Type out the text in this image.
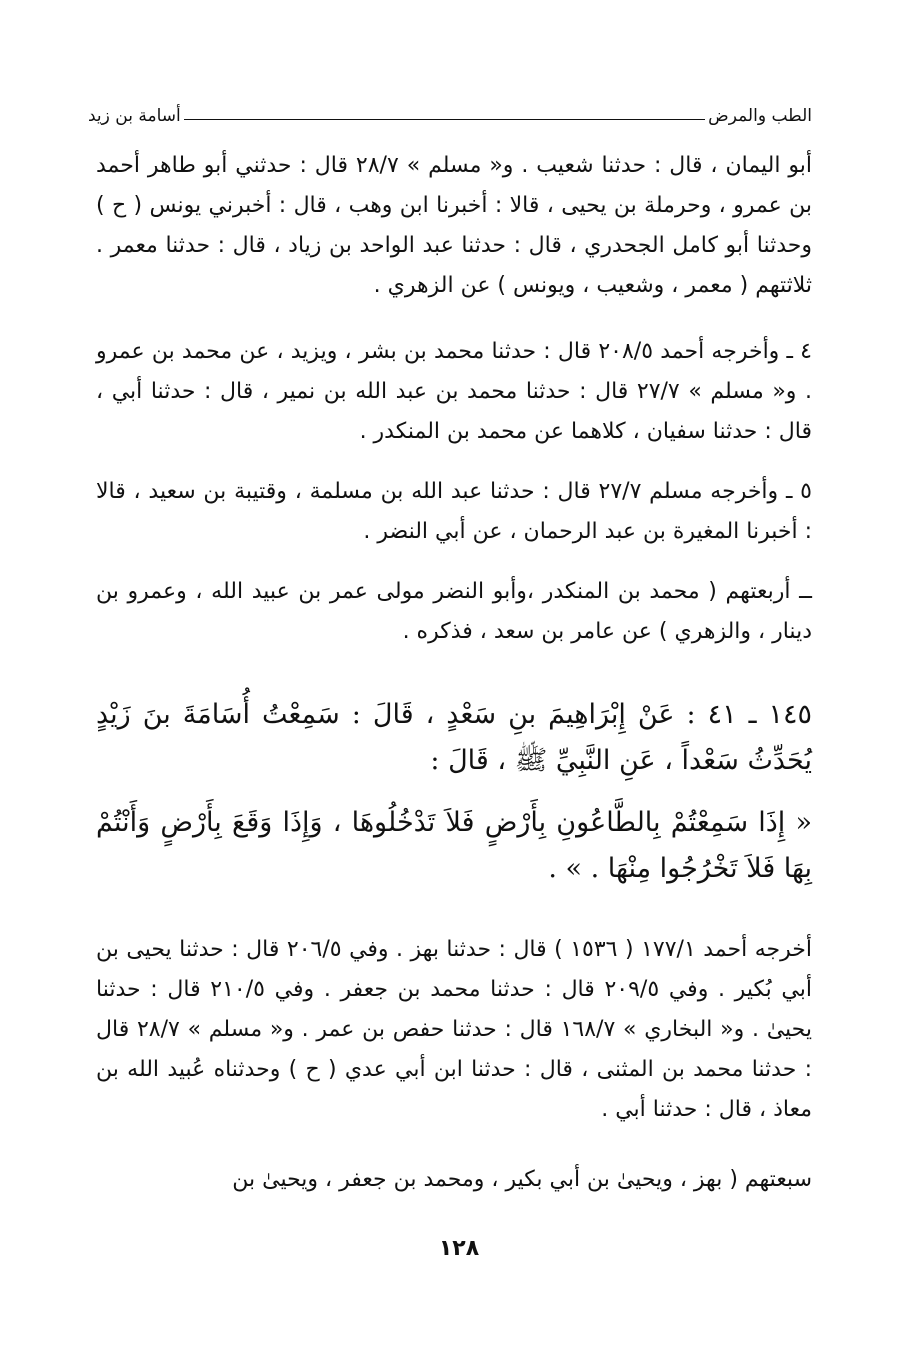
الطب والمرض
أسامة بن زيد
أبو اليمان ، قال : حدثنا شعيب . و« مسلم » ٢٨/٧ قال : حدثني أبو طاهر أحمد بن عمرو ، وحرملة بن يحيى ، قالا : أخبرنا ابن وهب ، قال : أخبرني يونس ( ح ) وحدثنا أبو كامل الجحدري ، قال : حدثنا عبد الواحد بن زياد ، قال : حدثنا معمر . ثلاثتهم ( معمر ، وشعيب ، ويونس ) عن الزهري .
٤ ـ وأخرجه أحمد ٢٠٨/٥ قال : حدثنا محمد بن بشر ، ويزيد ، عن محمد بن عمرو . و« مسلم » ٢٧/٧ قال : حدثنا محمد بن عبد الله بن نمير ، قال : حدثنا أبي ، قال : حدثنا سفيان ، كلاهما عن محمد بن المنكدر .
٥ ـ وأخرجه مسلم ٢٧/٧ قال : حدثنا عبد الله بن مسلمة ، وقتيبة بن سعيد ، قالا : أخبرنا المغيرة بن عبد الرحمان ، عن أبي النضر .
ــ أربعتهم ( محمد بن المنكدر ،وأبو النضر مولى عمر بن عبيد الله ، وعمرو بن دينار ، والزهري ) عن عامر بن سعد ، فذكره .
١٤٥ ـ ٤١ : عَنْ إِبْرَاهِيمَ بنِ سَعْدٍ ، قَالَ : سَمِعْتُ أُسَامَةَ بنَ زَيْدٍ يُحَدِّثُ سَعْداً ، عَنِ النَّبِيِّ ﷺ ، قَالَ :
« إِذَا سَمِعْتُمْ بِالطَّاعُونِ بِأَرْضٍ فَلاَ تَدْخُلُوهَا ، وَإِذَا وَقَعَ بِأَرْضٍ وَأَنْتُمْ بِهَا فَلاَ تَخْرُجُوا مِنْهَا . » .
أخرجه أحمد ١٧٧/١ ( ١٥٣٦ ) قال : حدثنا بهز . وفي ٢٠٦/٥ قال : حدثنا يحيى بن أبي بُكير . وفي ٢٠٩/٥ قال : حدثنا محمد بن جعفر . وفي ٢١٠/٥ قال : حدثنا يحيىٰ . و« البخاري » ١٦٨/٧ قال : حدثنا حفص بن عمر . و« مسلم » ٢٨/٧ قال : حدثنا محمد بن المثنى ، قال : حدثنا ابن أبي عدي ( ح ) وحدثناه عُبيد الله بن معاذ ، قال : حدثنا أبي .
سبعتهم ( بهز ، ويحيىٰ بن أبي بكير ، ومحمد بن جعفر ، ويحيىٰ بن
١٢٨
